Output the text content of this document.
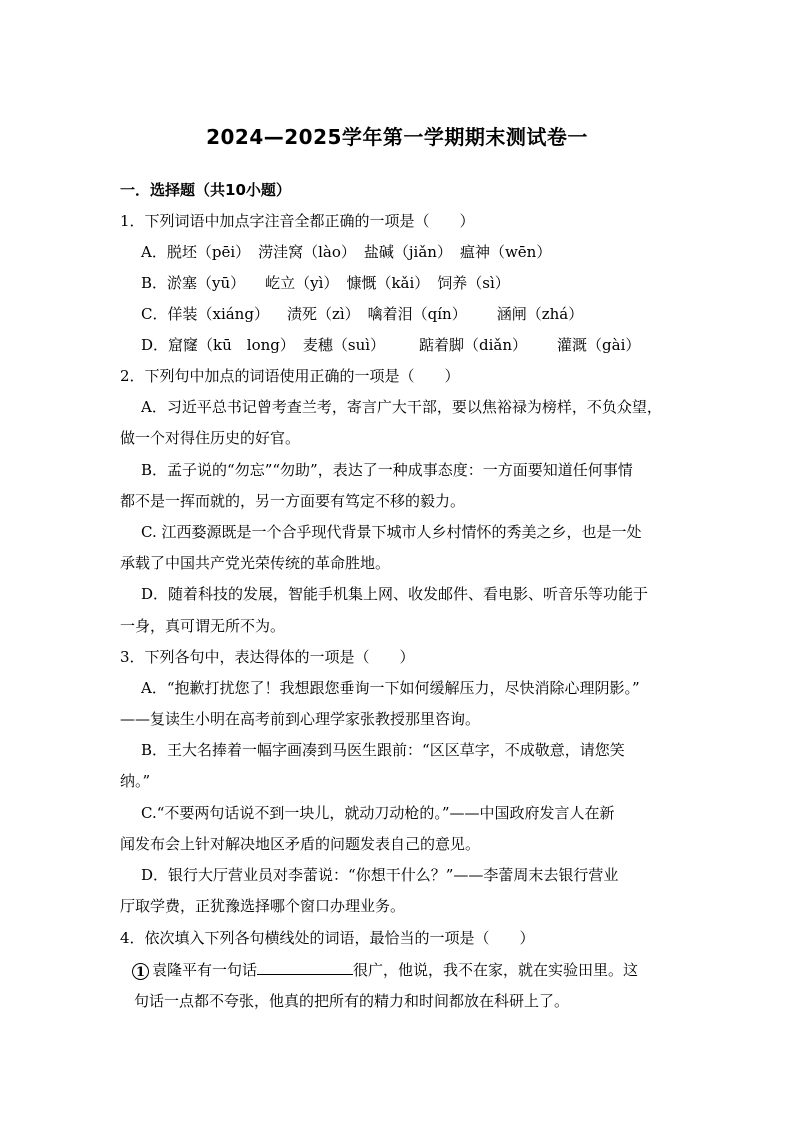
2024—2025学年第一学期期末测试卷一
一．选择题（共10小题）
1．下列词语中加点字注音全都正确的一项是（　　）
A．脱坯（pēi） 涝洼窝（lào） 盐碱（jiǎn） 瘟神（wēn）
B．淤塞（yū） 屹立（yì） 慷慨（kǎi） 饲养（sì）
C．佯装（xiáng） 渍死（zì） 噙着泪（qín） 涵闸（zhá）
D．窟窿（kū　long） 麦穗（suì） 踮着脚（diǎn） 灌溉（gài）
2．下列句中加点的词语使用正确的一项是（　　）
A．习近平总书记曾考查兰考，寄言广大干部，要以焦裕禄为榜样，不负众望，
做一个对得住历史的好官。
B．孟子说的“勿忘”“勿助”，表达了一种成事态度：一方面要知道任何事情
都不是一挥而就的，另一方面要有笃定不移的毅力。
C. 江西婺源既是一个合乎现代背景下城市人乡村情怀的秀美之乡，也是一处
承载了中国共产党光荣传统的革命胜地。
D．随着科技的发展，智能手机集上网、收发邮件、看电影、听音乐等功能于
一身，真可谓无所不为。
3．下列各句中，表达得体的一项是（　　）
A．“抱歉打扰您了！我想跟您垂询一下如何缓解压力，尽快消除心理阴影。”
——复读生小明在高考前到心理学家张教授那里咨询。
B．王大名捧着一幅字画凑到马医生跟前：“区区草字，不成敬意，请您笑
纳。”
C.“不要两句话说不到一块儿，就动刀动枪的。”——中国政府发言人在新
闻发布会上针对解决地区矛盾的问题发表自己的意见。
D．银行大厅营业员对李蕾说：“你想干什么？”——李蕾周末去银行营业
厅取学费，正犹豫选择哪个窗口办理业务。
4．依次填入下列各句横线处的词语，最恰当的一项是（　　）
1 袁隆平有一句话	很广，他说，我不在家，就在实验田里。这
句话一点都不夸张，他真的把所有的精力和时间都放在科研上了。
